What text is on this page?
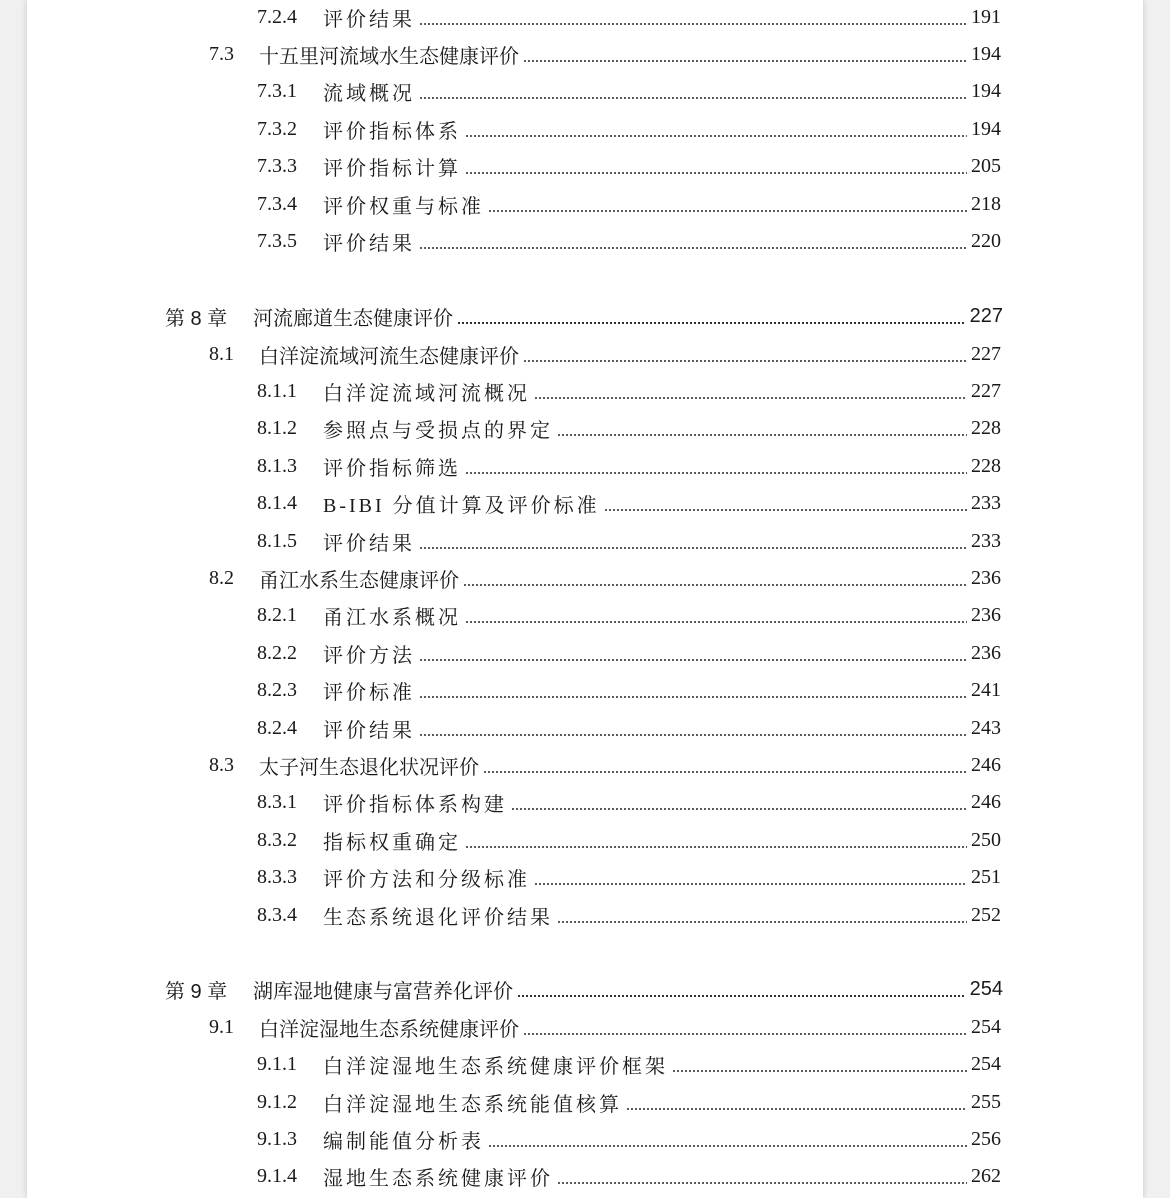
7.2.4	评价结果	191
7.3	十五里河流域水生态健康评价	194
7.3.1	流域概况	194
7.3.2	评价指标体系	194
7.3.3	评价指标计算	205
7.3.4	评价权重与标准	218
7.3.5	评价结果	220
第 8 章	河流廊道生态健康评价	227
8.1	白洋淀流域河流生态健康评价	227
8.1.1	白洋淀流域河流概况	227
8.1.2	参照点与受损点的界定	228
8.1.3	评价指标筛选	228
8.1.4	B-IBI 分值计算及评价标准	233
8.1.5	评价结果	233
8.2	甬江水系生态健康评价	236
8.2.1	甬江水系概况	236
8.2.2	评价方法	236
8.2.3	评价标准	241
8.2.4	评价结果	243
8.3	太子河生态退化状况评价	246
8.3.1	评价指标体系构建	246
8.3.2	指标权重确定	250
8.3.3	评价方法和分级标准	251
8.3.4	生态系统退化评价结果	252
第 9 章	湖库湿地健康与富营养化评价	254
9.1	白洋淀湿地生态系统健康评价	254
9.1.1	白洋淀湿地生态系统健康评价框架	254
9.1.2	白洋淀湿地生态系统能值核算	255
9.1.3	编制能值分析表	256
9.1.4	湿地生态系统健康评价	262
